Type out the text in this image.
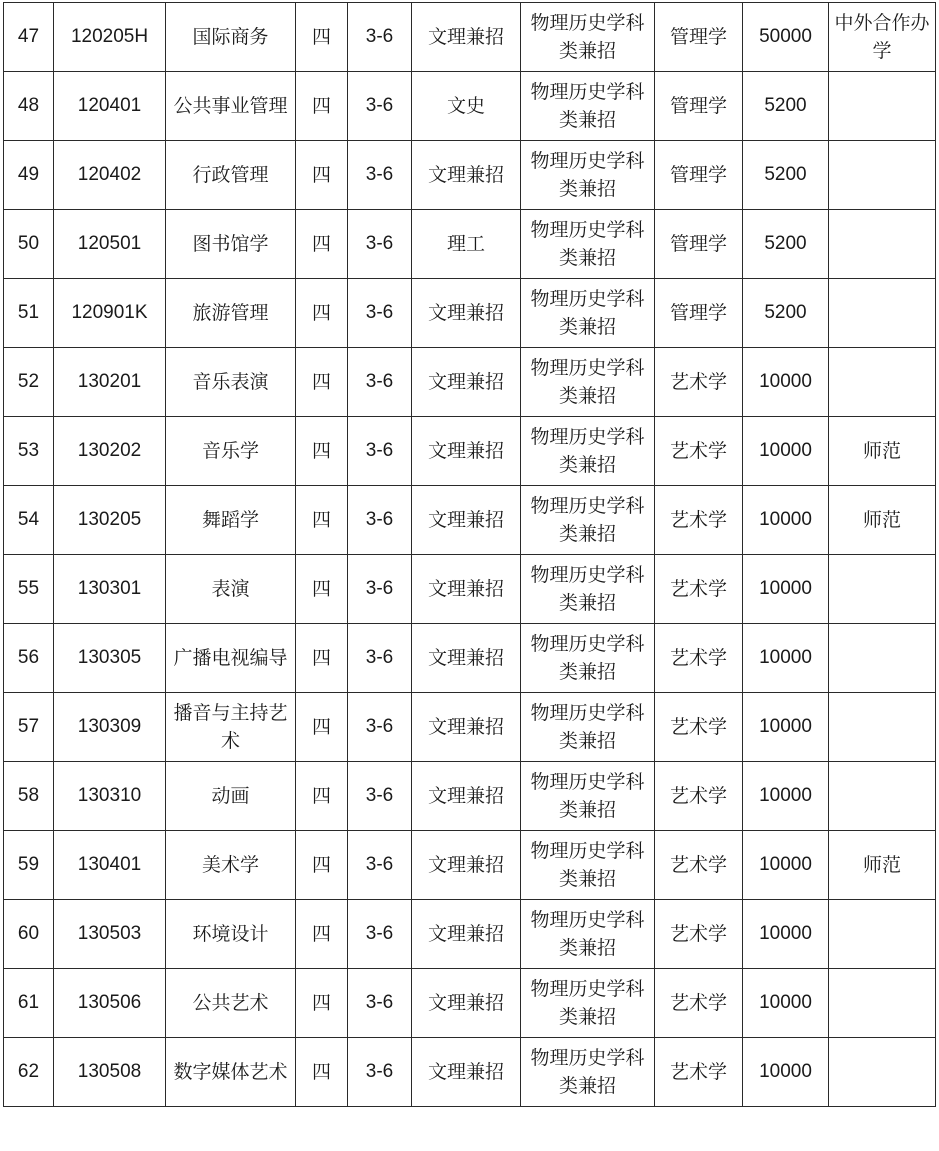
47	120205H	国际商务	四	3-6	文理兼招	物理历史学科类兼招	管理学	50000	中外合作办学
48	120401	公共事业管理	四	3-6	文史	物理历史学科类兼招	管理学	5200	
49	120402	行政管理	四	3-6	文理兼招	物理历史学科类兼招	管理学	5200	
50	120501	图书馆学	四	3-6	理工	物理历史学科类兼招	管理学	5200	
51	120901K	旅游管理	四	3-6	文理兼招	物理历史学科类兼招	管理学	5200	
52	130201	音乐表演	四	3-6	文理兼招	物理历史学科类兼招	艺术学	10000	
53	130202	音乐学	四	3-6	文理兼招	物理历史学科类兼招	艺术学	10000	师范
54	130205	舞蹈学	四	3-6	文理兼招	物理历史学科类兼招	艺术学	10000	师范
55	130301	表演	四	3-6	文理兼招	物理历史学科类兼招	艺术学	10000	
56	130305	广播电视编导	四	3-6	文理兼招	物理历史学科类兼招	艺术学	10000	
57	130309	播音与主持艺术	四	3-6	文理兼招	物理历史学科类兼招	艺术学	10000	
58	130310	动画	四	3-6	文理兼招	物理历史学科类兼招	艺术学	10000	
59	130401	美术学	四	3-6	文理兼招	物理历史学科类兼招	艺术学	10000	师范
60	130503	环境设计	四	3-6	文理兼招	物理历史学科类兼招	艺术学	10000	
61	130506	公共艺术	四	3-6	文理兼招	物理历史学科类兼招	艺术学	10000	
62	130508	数字媒体艺术	四	3-6	文理兼招	物理历史学科类兼招	艺术学	10000	
